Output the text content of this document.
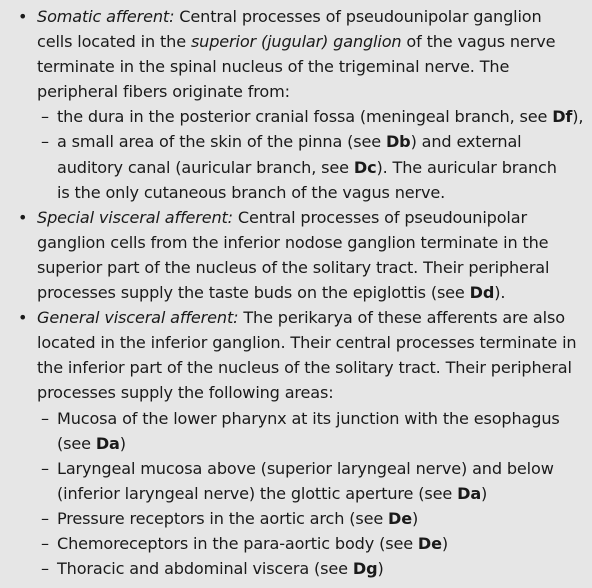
• Somatic afferent: Central processes of pseudounipolar ganglion
cells located in the superior (jugular) ganglion of the vagus nerve
terminate in the spinal nucleus of the trigeminal nerve. The
peripheral fibers originate from:
– the dura in the posterior cranial fossa (meningeal branch, see Df),
– a small area of the skin of the pinna (see Db) and external
auditory canal (auricular branch, see Dc). The auricular branch
is the only cutaneous branch of the vagus nerve.
• Special visceral afferent: Central processes of pseudounipolar
ganglion cells from the inferior nodose ganglion terminate in the
superior part of the nucleus of the solitary tract. Their peripheral
processes supply the taste buds on the epiglottis (see Dd).
• General visceral afferent: The perikarya of these afferents are also
located in the inferior ganglion. Their central processes terminate in
the inferior part of the nucleus of the solitary tract. Their peripheral
processes supply the following areas:
– Mucosa of the lower pharynx at its junction with the esophagus
(see Da)
– Laryngeal mucosa above (superior laryngeal nerve) and below
(inferior laryngeal nerve) the glottic aperture (see Da)
– Pressure receptors in the aortic arch (see De)
– Chemoreceptors in the para-aortic body (see De)
– Thoracic and abdominal viscera (see Dg)
